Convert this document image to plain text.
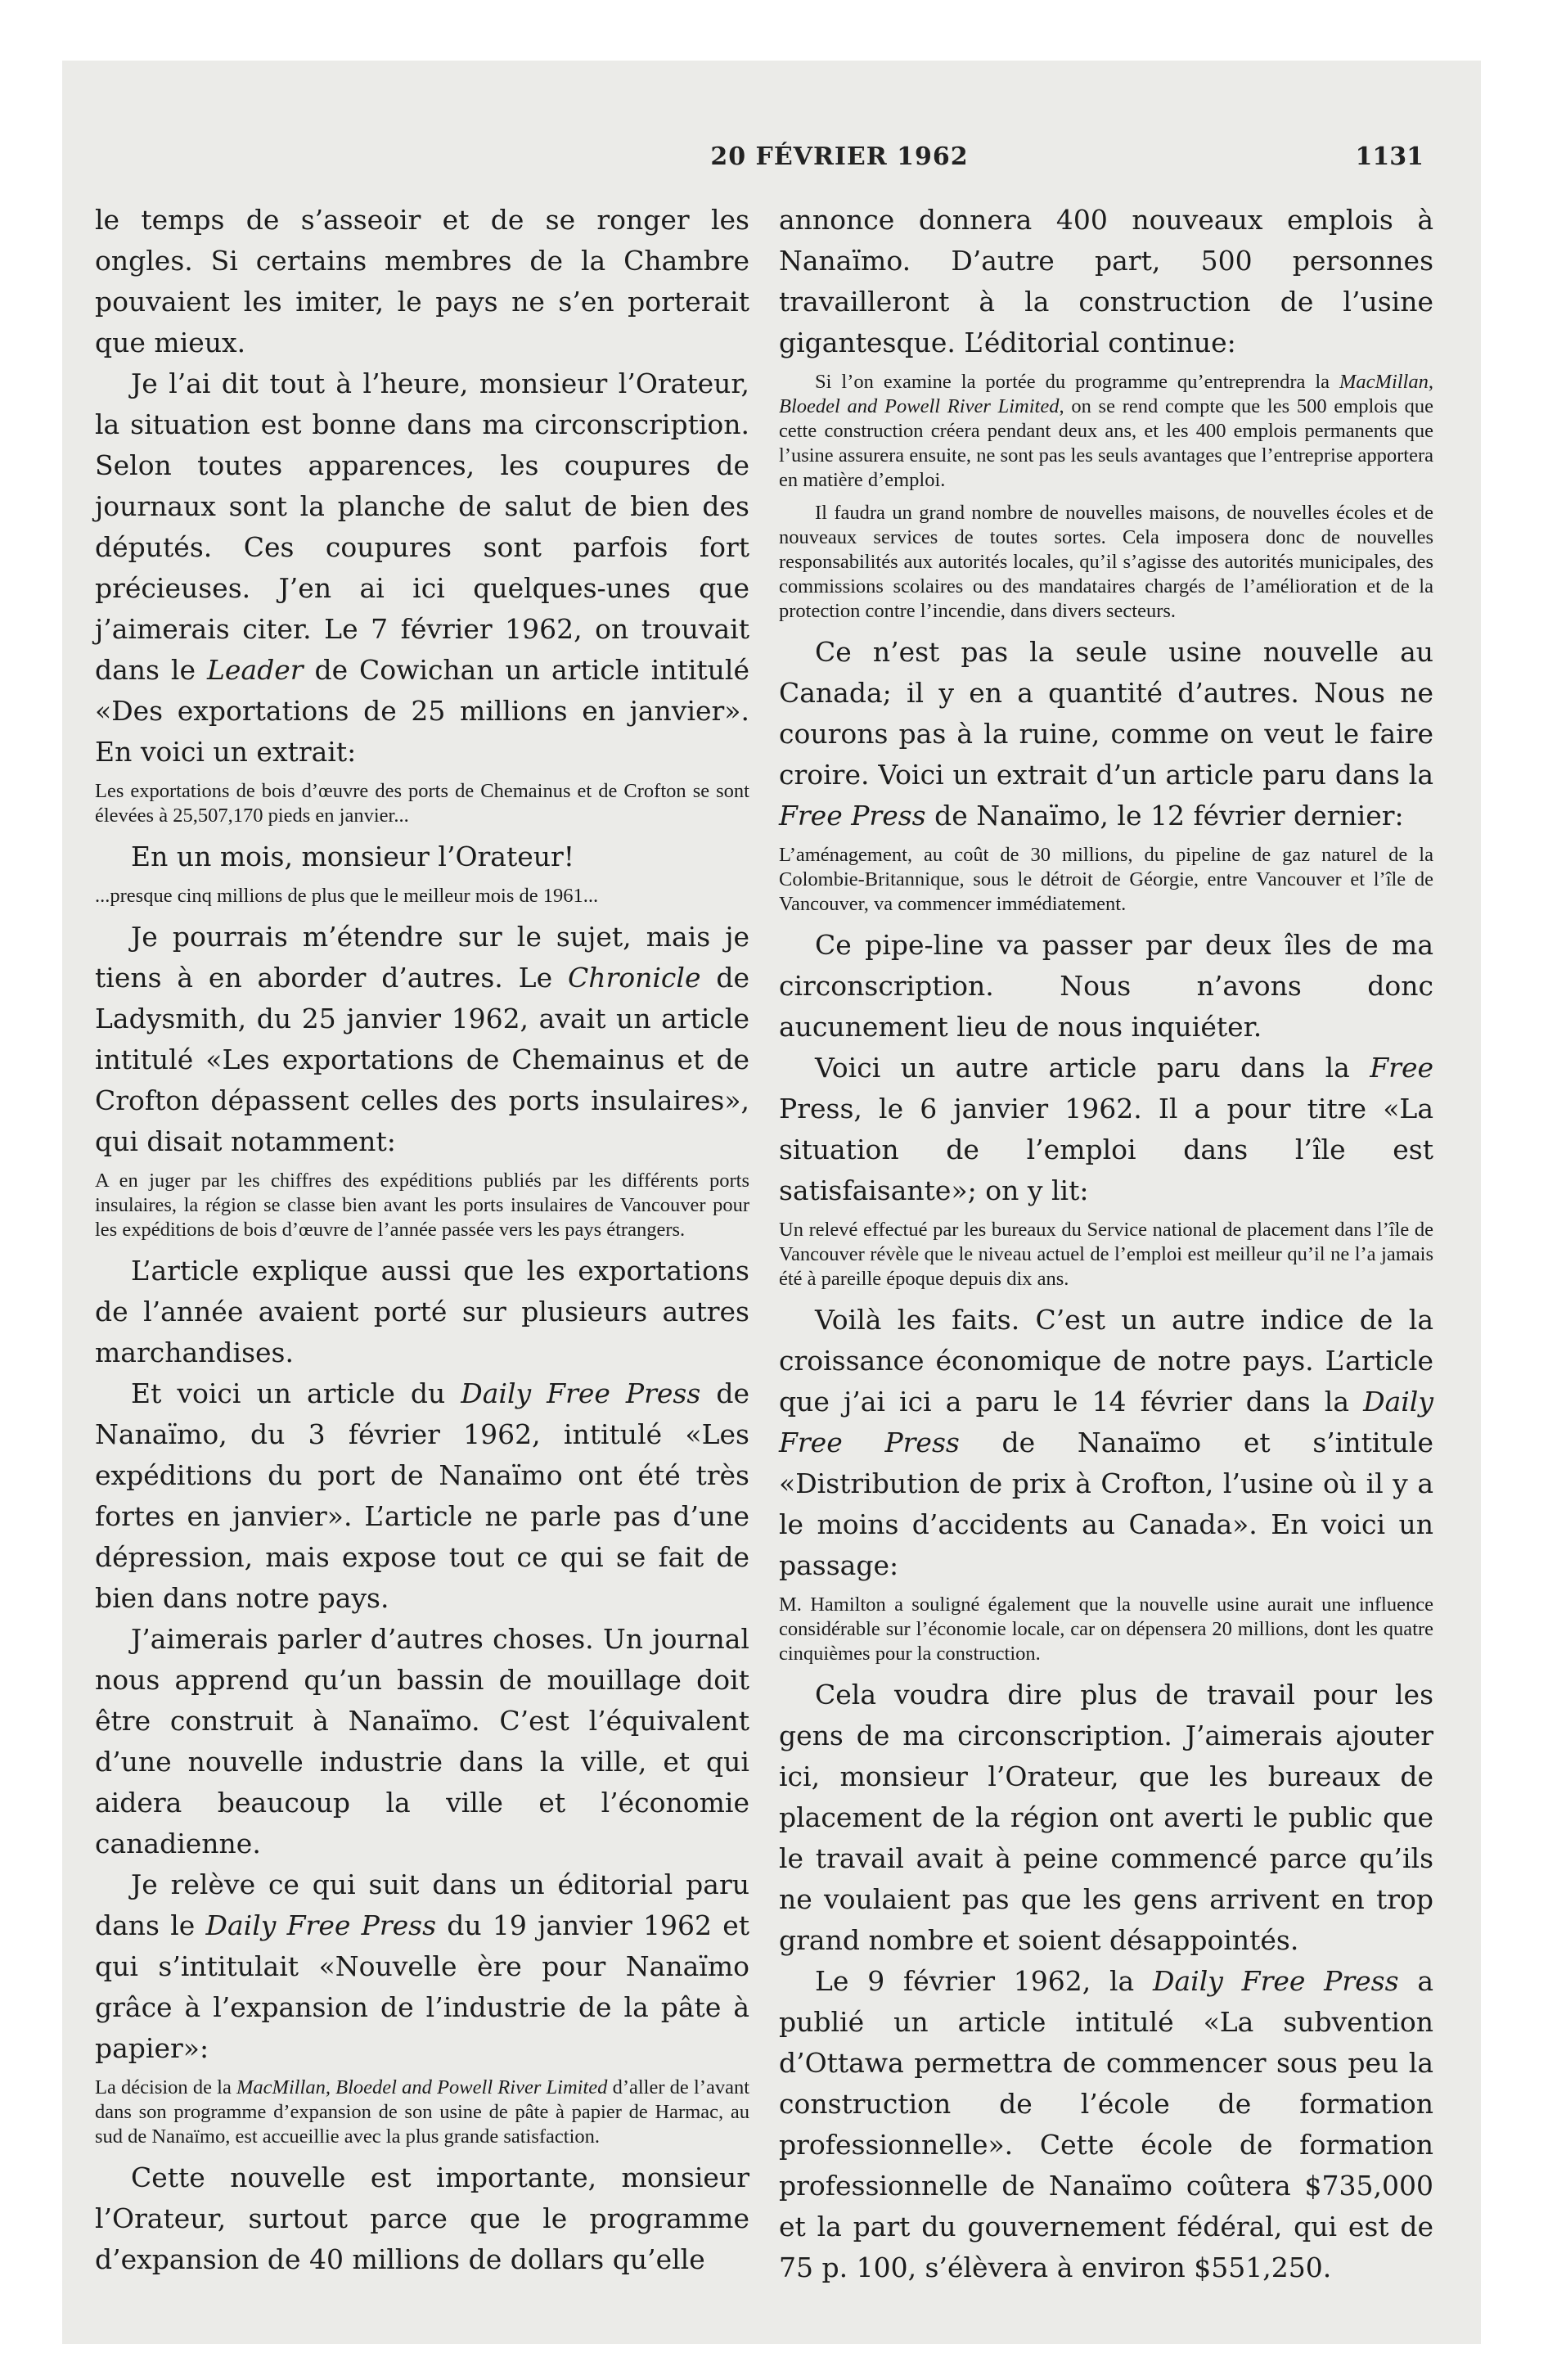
20 FÉVRIER 1962	1131

le temps de s’asseoir et de se ronger les ongles. Si certains membres de la Chambre pouvaient les imiter, le pays ne s’en porterait que mieux.

Je l’ai dit tout à l’heure, monsieur l’Orateur, la situation est bonne dans ma circonscription. Selon toutes apparences, les coupures de journaux sont la planche de salut de bien des députés. Ces coupures sont parfois fort précieuses. J’en ai ici quelques-unes que j’aimerais citer. Le 7 février 1962, on trouvait dans le Leader de Cowichan un article intitulé «Des exportations de 25 millions en janvier». En voici un extrait:

Les exportations de bois d’œuvre des ports de Chemainus et de Crofton se sont élevées à 25,507,170 pieds en janvier...

En un mois, monsieur l’Orateur!

...presque cinq millions de plus que le meilleur mois de 1961...

Je pourrais m’étendre sur le sujet, mais je tiens à en aborder d’autres. Le Chronicle de Ladysmith, du 25 janvier 1962, avait un article intitulé «Les exportations de Chemainus et de Crofton dépassent celles des ports insulaires», qui disait notamment:

A en juger par les chiffres des expéditions publiés par les différents ports insulaires, la région se classe bien avant les ports insulaires de Vancouver pour les expéditions de bois d’œuvre de l’année passée vers les pays étrangers.

L’article explique aussi que les exportations de l’année avaient porté sur plusieurs autres marchandises.

Et voici un article du Daily Free Press de Nanaïmo, du 3 février 1962, intitulé «Les expéditions du port de Nanaïmo ont été très fortes en janvier». L’article ne parle pas d’une dépression, mais expose tout ce qui se fait de bien dans notre pays.

J’aimerais parler d’autres choses. Un journal nous apprend qu’un bassin de mouillage doit être construit à Nanaïmo. C’est l’équivalent d’une nouvelle industrie dans la ville, et qui aidera beaucoup la ville et l’économie canadienne.

Je relève ce qui suit dans un éditorial paru dans le Daily Free Press du 19 janvier 1962 et qui s’intitulait «Nouvelle ère pour Nanaïmo grâce à l’expansion de l’industrie de la pâte à papier»:

La décision de la MacMillan, Bloedel and Powell River Limited d’aller de l’avant dans son programme d’expansion de son usine de pâte à papier de Harmac, au sud de Nanaïmo, est accueillie avec la plus grande satisfaction.

Cette nouvelle est importante, monsieur l’Orateur, surtout parce que le programme d’expansion de 40 millions de dollars qu’elle

annonce donnera 400 nouveaux emplois à Nanaïmo. D’autre part, 500 personnes travailleront à la construction de l’usine gigantesque. L’éditorial continue:

Si l’on examine la portée du programme qu’entreprendra la MacMillan, Bloedel and Powell River Limited, on se rend compte que les 500 emplois que cette construction créera pendant deux ans, et les 400 emplois permanents que l’usine assurera ensuite, ne sont pas les seuls avantages que l’entreprise apportera en matière d’emploi.

Il faudra un grand nombre de nouvelles maisons, de nouvelles écoles et de nouveaux services de toutes sortes. Cela imposera donc de nouvelles responsabilités aux autorités locales, qu’il s’agisse des autorités municipales, des commissions scolaires ou des mandataires chargés de l’amélioration et de la protection contre l’incendie, dans divers secteurs.

Ce n’est pas la seule usine nouvelle au Canada; il y en a quantité d’autres. Nous ne courons pas à la ruine, comme on veut le faire croire. Voici un extrait d’un article paru dans la Free Press de Nanaïmo, le 12 février dernier:

L’aménagement, au coût de 30 millions, du pipeline de gaz naturel de la Colombie-Britannique, sous le détroit de Géorgie, entre Vancouver et l’île de Vancouver, va commencer immédiatement.

Ce pipe-line va passer par deux îles de ma circonscription. Nous n’avons donc aucunement lieu de nous inquiéter.

Voici un autre article paru dans la Free Press, le 6 janvier 1962. Il a pour titre «La situation de l’emploi dans l’île est satisfaisante»; on y lit:

Un relevé effectué par les bureaux du Service national de placement dans l’île de Vancouver révèle que le niveau actuel de l’emploi est meilleur qu’il ne l’a jamais été à pareille époque depuis dix ans.

Voilà les faits. C’est un autre indice de la croissance économique de notre pays. L’article que j’ai ici a paru le 14 février dans la Daily Free Press de Nanaïmo et s’intitule «Distribution de prix à Crofton, l’usine où il y a le moins d’accidents au Canada». En voici un passage:

M. Hamilton a souligné également que la nouvelle usine aurait une influence considérable sur l’économie locale, car on dépensera 20 millions, dont les quatre cinquièmes pour la construction.

Cela voudra dire plus de travail pour les gens de ma circonscription. J’aimerais ajouter ici, monsieur l’Orateur, que les bureaux de placement de la région ont averti le public que le travail avait à peine commencé parce qu’ils ne voulaient pas que les gens arrivent en trop grand nombre et soient désappointés.

Le 9 février 1962, la Daily Free Press a publié un article intitulé «La subvention d’Ottawa permettra de commencer sous peu la construction de l’école de formation professionnelle». Cette école de formation professionnelle de Nanaïmo coûtera $735,000 et la part du gouvernement fédéral, qui est de 75 p. 100, s’élèvera à environ $551,250.
